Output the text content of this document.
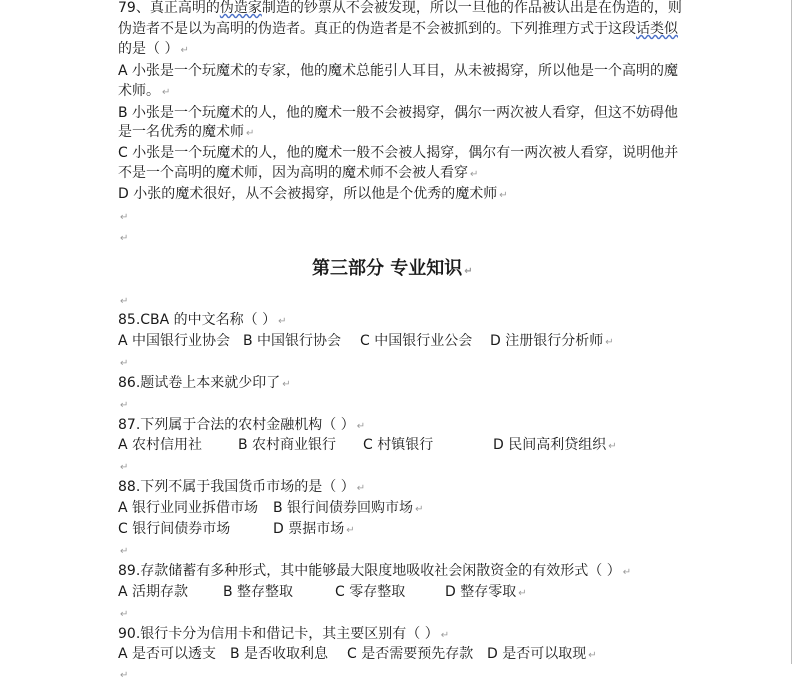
79、真正高明的伪造家制造的钞票从不会被发现，所以一旦他的作品被认出是在伪造的，则
伪造者不是以为高明的伪造者。真正的伪造者是不会被抓到的。下列推理方式于这段话类似
的是（ ） ↵
A 小张是一个玩魔术的专家，他的魔术总能引人耳目，从未被揭穿，所以他是一个高明的魔
术师。 ↵
B 小张是一个玩魔术的人，他的魔术一般不会被揭穿，偶尔一两次被人看穿，但这不妨碍他
是一名优秀的魔术师 ↵
C 小张是一个玩魔术的人，他的魔术一般不会被人揭穿，偶尔有一两次被人看穿，说明他并
不是一个高明的魔术师，因为高明的魔术师不会被人看穿 ↵
D 小张的魔术很好，从不会被揭穿，所以他是个优秀的魔术师 ↵
↵
↵
第三部分 专业知识 ↵
↵
85.CBA 的中文名称（ ） ↵
A 中国银行业协会 B 中国银行协会 C 中国银行业公会 D 注册银行分析师 ↵
↵
86.题试卷上本来就少印了 ↵
↵
87.下列属于合法的农村金融机构（ ） ↵
A 农村信用社	B 农村商业银行 C 村镇银行	D 民间高利贷组织 ↵
↵
88.下列不属于我国货币市场的是（ ） ↵
A 银行业同业拆借市场 B 银行间债券回购市场 ↵
C 银行间债券市场	D 票据市场 ↵
↵
89.存款储蓄有多种形式，其中能够最大限度地吸收社会闲散资金的有效形式（ ） ↵
A 活期存款 B 整存整取	C 零存整取	D 整存零取 ↵
↵
90.银行卡分为信用卡和借记卡，其主要区别有（ ） ↵
A 是否可以透支 B 是否收取利息 C 是否需要预先存款 D 是否可以取现 ↵
↵
